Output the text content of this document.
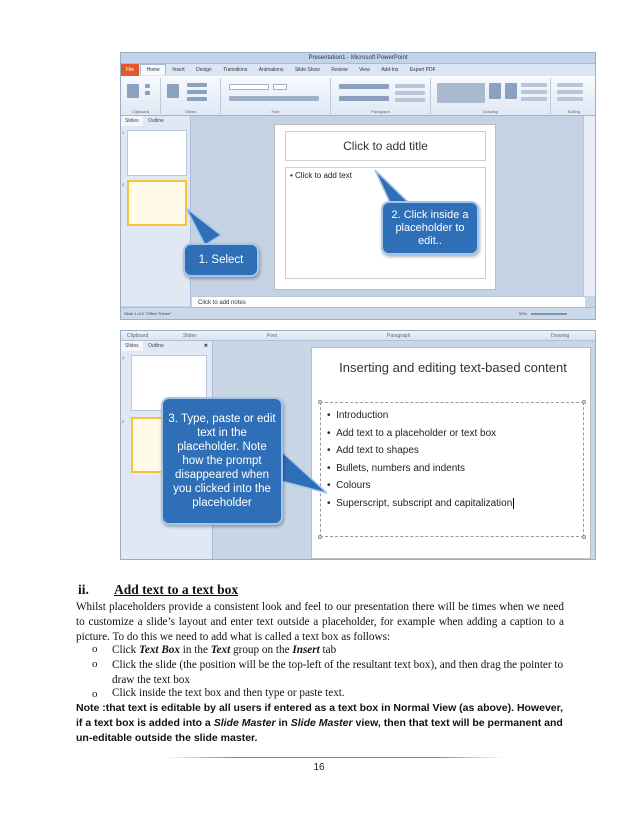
Presentation1 - Microsoft PowerPoint
File Home Insert Design Transitions Animations Slide Show Review View Add-Ins Expert PDF
Clipboard	Slides	Font	Paragraph	Drawing	Editing
Slides Outline
1
2
Click to add title
• Click to add text
Click to add notes
Slide 1 of 2 "Office Theme"	50%
1. Select
2. Click inside a placeholder to edit..
Clipboard	Slides	Font	Paragraph	Drawing
Slides Outline	✖
1
2
Inserting and editing text-based content
•  Introduction
•  Add text to a placeholder or text box
•  Add text to shapes
•  Bullets, numbers and indents
•  Colours
•  Superscript, subscript and capitalization
3. Type, paste or edit text in the placeholder. Note how the prompt disappeared when you clicked into the placeholder
ii. Add text to a text box
Whilst placeholders provide a consistent look and feel to our presentation there will be times when we need to customize a slide’s layout and enter text outside a placeholder, for example when adding a caption to a picture. To do this we need to add what is called a text box as follows:
o Click Text Box in the Text group on the Insert tab
o Click the slide (the position will be the top-left of the resultant text box), and then drag the pointer to draw the text box
o Click inside the text box and then type or paste text.
Note :that text is editable by all users if entered as a text box in Normal View (as above). However, if a text box is added into a Slide Master in Slide Master view, then that text will be permanent and un-editable outside the slide master.
16
